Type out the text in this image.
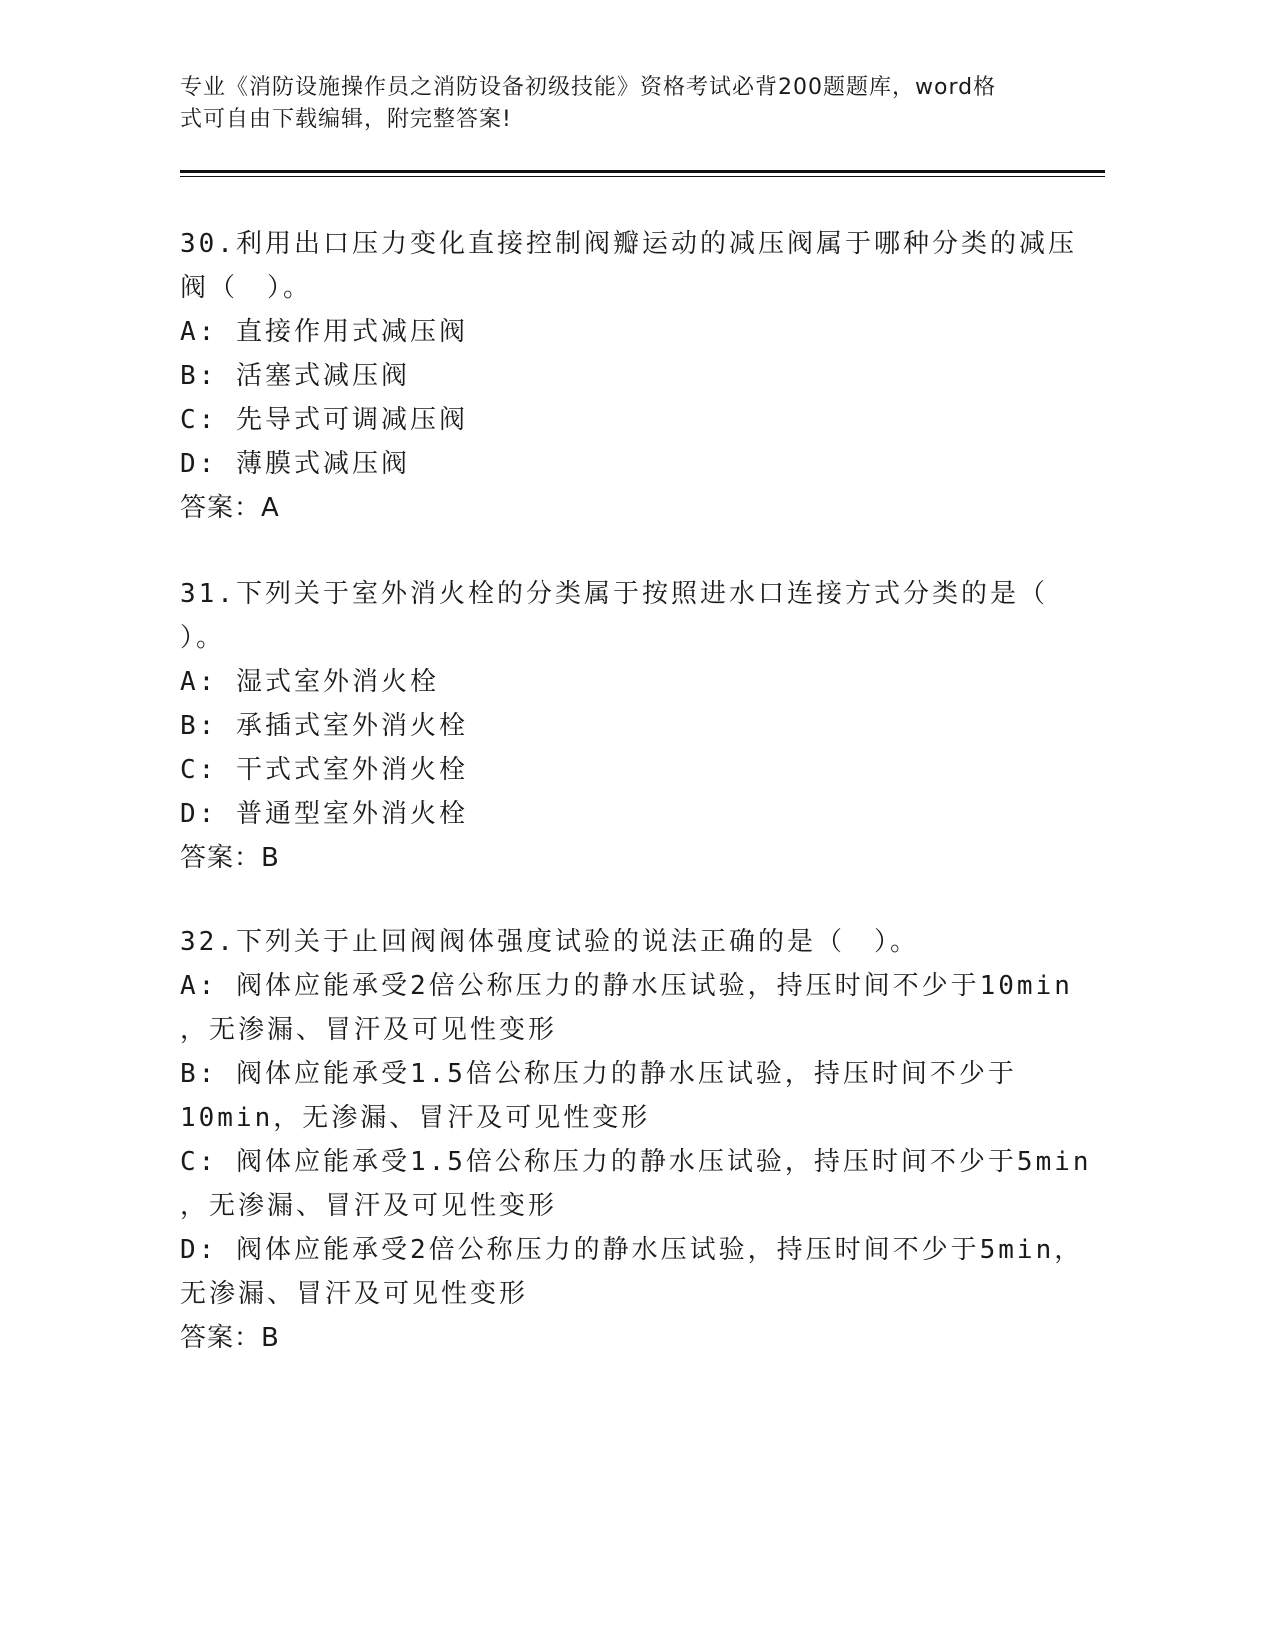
专业《消防设施操作员之消防设备初级技能》资格考试必背200题题库，word格
式可自由下载编辑，附完整答案!
30.利用出口压力变化直接控制阀瓣运动的减压阀属于哪种分类的减压
阀（　）。
A: 直接作用式减压阀
B: 活塞式减压阀
C: 先导式可调减压阀
D: 薄膜式减压阀
答案：A
31.下列关于室外消火栓的分类属于按照进水口连接方式分类的是（
）。
A: 湿式室外消火栓
B: 承插式室外消火栓
C: 干式式室外消火栓
D: 普通型室外消火栓
答案：B
32.下列关于止回阀阀体强度试验的说法正确的是（　）。
A: 阀体应能承受2倍公称压力的静水压试验，持压时间不少于10min
，无渗漏、冒汗及可见性变形
B: 阀体应能承受1.5倍公称压力的静水压试验，持压时间不少于
10min，无渗漏、冒汗及可见性变形
C: 阀体应能承受1.5倍公称压力的静水压试验，持压时间不少于5min
，无渗漏、冒汗及可见性变形
D: 阀体应能承受2倍公称压力的静水压试验，持压时间不少于5min，
无渗漏、冒汗及可见性变形
答案：B
